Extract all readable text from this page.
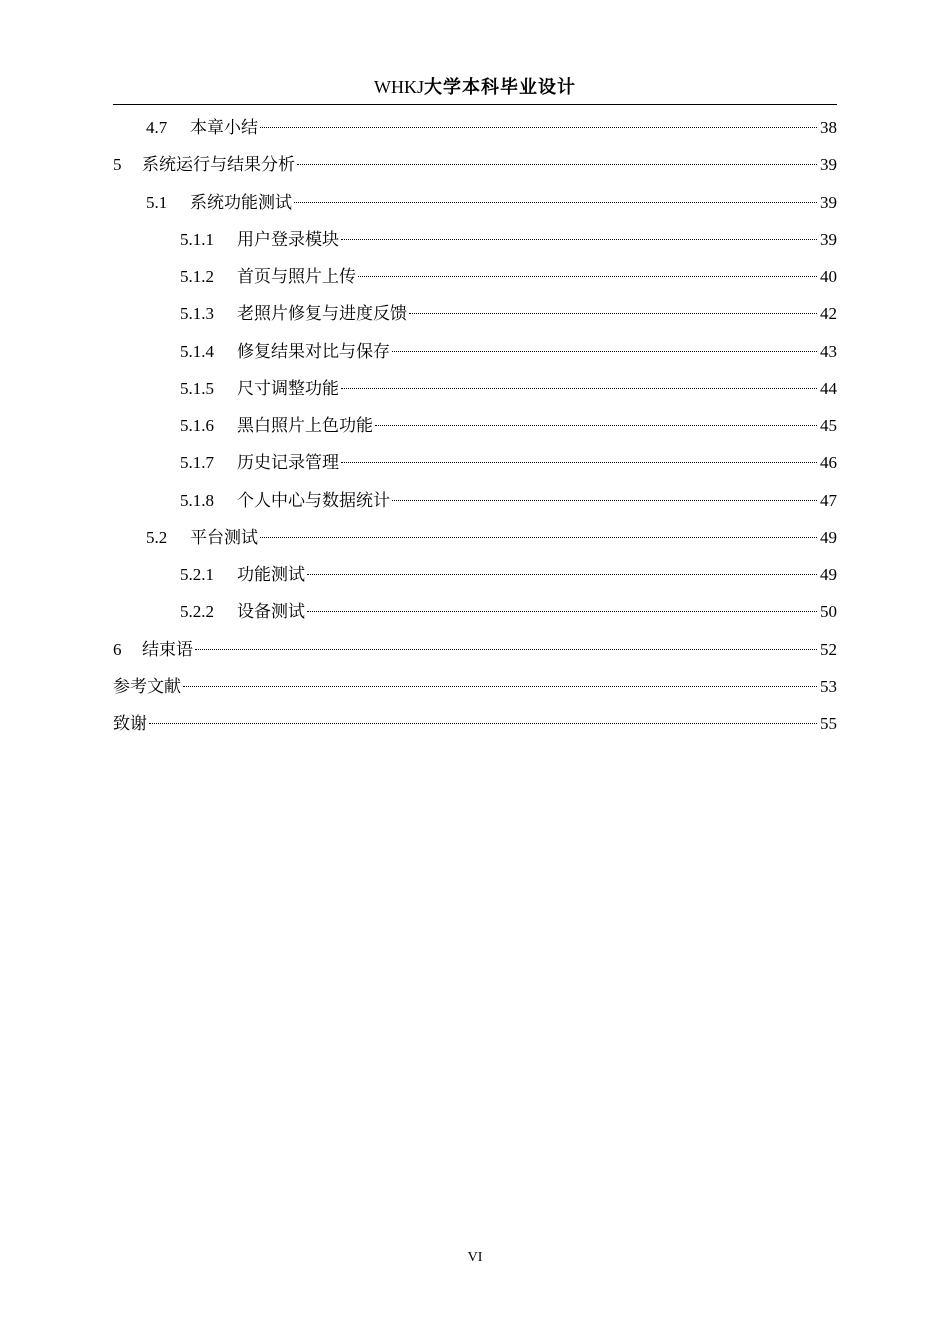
WHKJ大学本科毕业设计
4.7	本章小结	38
5	系统运行与结果分析	39
5.1	系统功能测试	39
5.1.1	用户登录模块	39
5.1.2	首页与照片上传	40
5.1.3	老照片修复与进度反馈	42
5.1.4	修复结果对比与保存	43
5.1.5	尺寸调整功能	44
5.1.6	黑白照片上色功能	45
5.1.7	历史记录管理	46
5.1.8	个人中心与数据统计	47
5.2	平台测试	49
5.2.1	功能测试	49
5.2.2	设备测试	50
6	结束语	52
参考文献	53
致谢	55
VI
